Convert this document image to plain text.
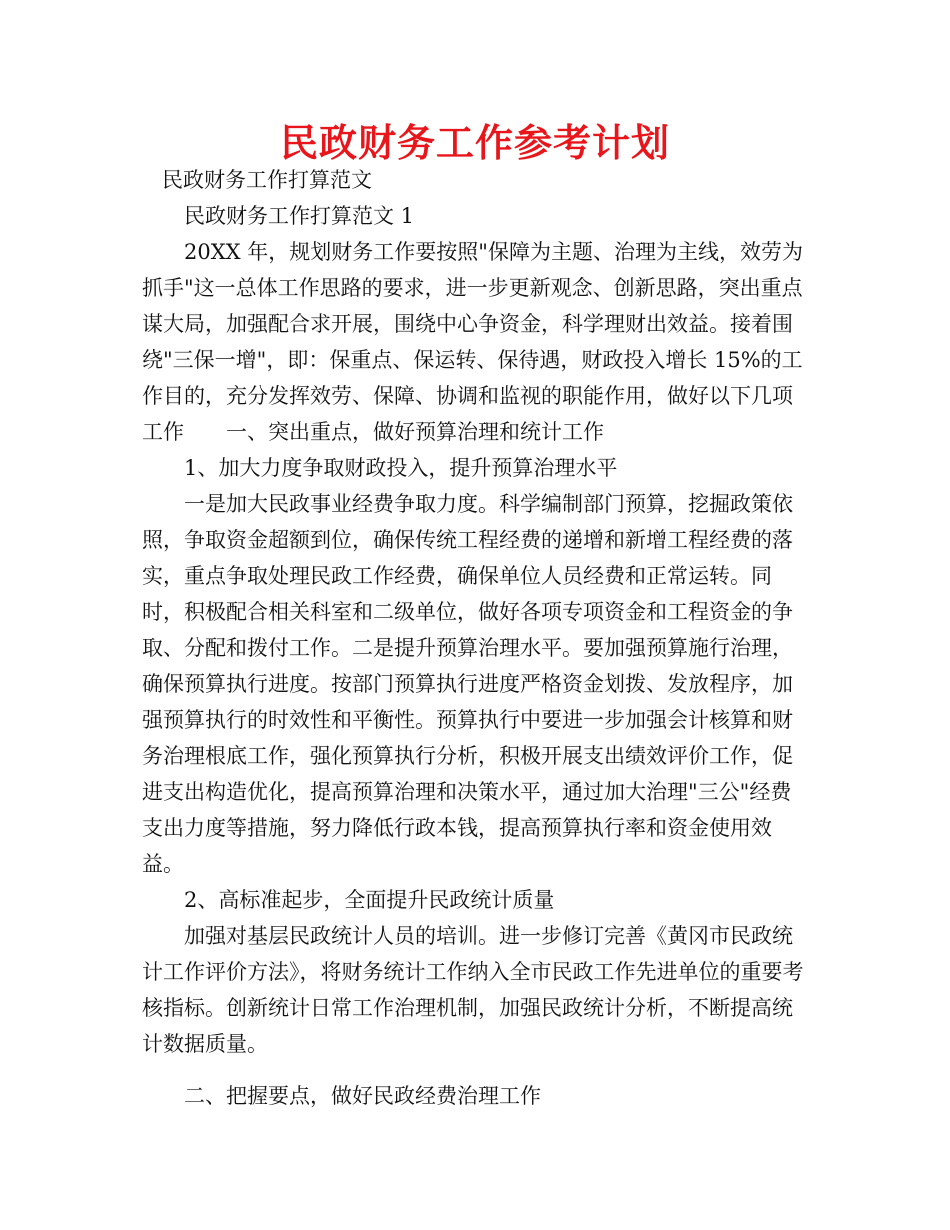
民政财务工作参考计划

民政财务工作打算范文

民政财务工作打算范文 1

20XX 年，规划财务工作要按照"保障为主题、治理为主线，效劳为抓手"这一总体工作思路的要求，进一步更新观念、创新思路，突出重点谋大局，加强配合求开展，围绕中心争资金，科学理财出效益。接着围绕"三保一增"，即：保重点、保运转、保待遇，财政投入增长 15%的工作目的，充分发挥效劳、保障、协调和监视的职能作用，做好以下几项工作　　一、突出重点，做好预算治理和统计工作

1、加大力度争取财政投入，提升预算治理水平

一是加大民政事业经费争取力度。科学编制部门预算，挖掘政策依照，争取资金超额到位，确保传统工程经费的递增和新增工程经费的落实，重点争取处理民政工作经费，确保单位人员经费和正常运转。同时，积极配合相关科室和二级单位，做好各项专项资金和工程资金的争取、分配和拨付工作。二是提升预算治理水平。要加强预算施行治理，确保预算执行进度。按部门预算执行进度严格资金划拨、发放程序，加强预算执行的时效性和平衡性。预算执行中要进一步加强会计核算和财务治理根底工作，强化预算执行分析，积极开展支出绩效评价工作，促进支出构造优化，提高预算治理和决策水平，通过加大治理"三公"经费支出力度等措施，努力降低行政本钱，提高预算执行率和资金使用效益。

2、高标准起步，全面提升民政统计质量

加强对基层民政统计人员的培训。进一步修订完善《黄冈市民政统计工作评价方法》，将财务统计工作纳入全市民政工作先进单位的重要考核指标。创新统计日常工作治理机制，加强民政统计分析，不断提高统计数据质量。

二、把握要点，做好民政经费治理工作
